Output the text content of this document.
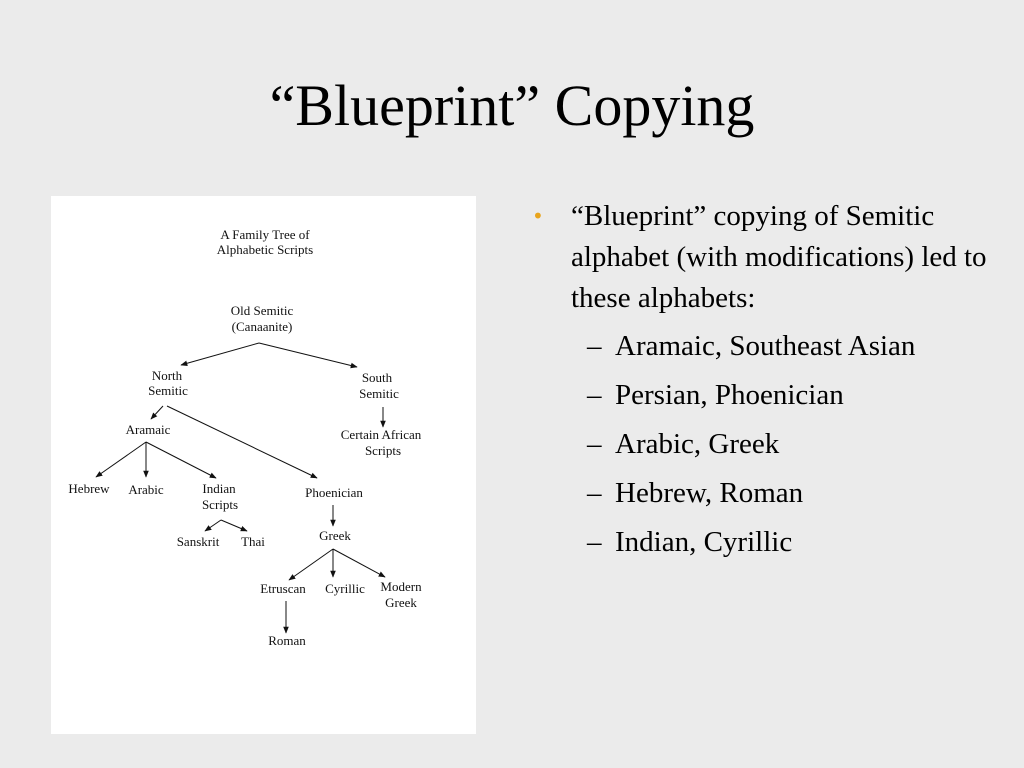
“Blueprint” Copying
A Family Tree of
Alphabetic Scripts
Old Semitic
(Canaanite)
North
Semitic
South
Semitic
Certain African
Scripts
Aramaic
Hebrew Arabic	Indian
Scripts
Phoenician
Sanskrit Thai	Greek
Etruscan Cyrillic Modern
Greek
Roman
• “Blueprint” copying of Semitic alphabet (with modifications) led to these alphabets:
– Aramaic, Southeast Asian
– Persian, Phoenician
– Arabic, Greek
– Hebrew, Roman
– Indian, Cyrillic
